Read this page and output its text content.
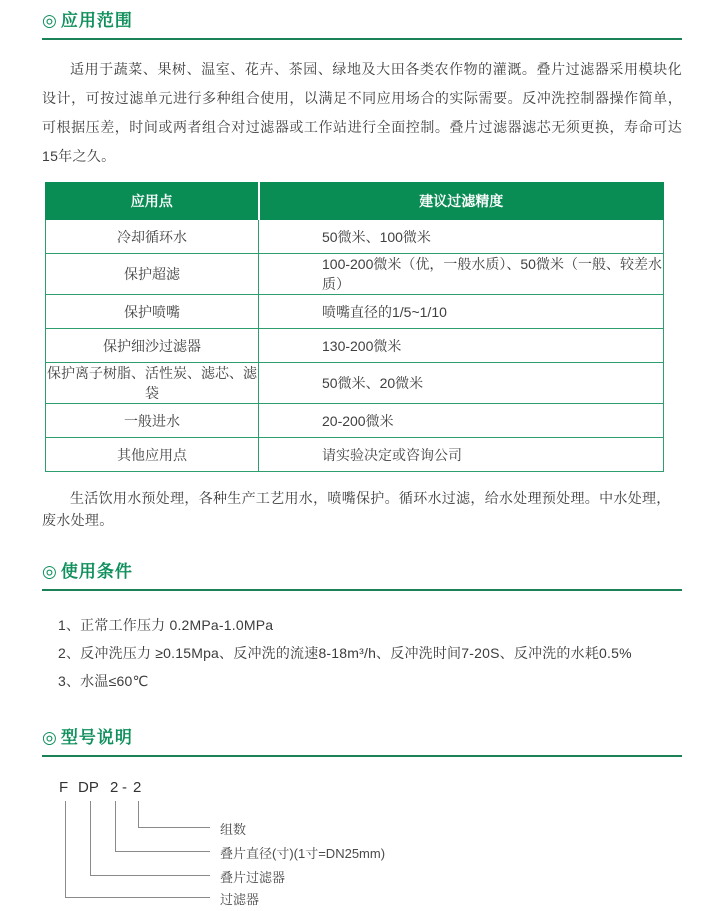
◎ 应用范围

适用于蔬菜、果树、温室、花卉、茶园、绿地及大田各类农作物的灌溉。叠片过滤器采用模块化设计，可按过滤单元进行多种组合使用，以满足不同应用场合的实际需要。反冲洗控制器操作简单，可根据压差，时间或两者组合对过滤器或工作站进行全面控制。叠片过滤器滤芯无须更换，寿命可达15年之久。

应用点	建议过滤精度
冷却循环水	50微米、100微米
保护超滤	100-200微米（优，一般水质）、50微米（一般、较差水质）
保护喷嘴	喷嘴直径的1/5~1/10
保护细沙过滤器	130-200微米
保护离子树脂、活性炭、滤芯、滤袋	50微米、20微米
一般进水	20-200微米
其他应用点	请实验决定或咨询公司

生活饮用水预处理，各种生产工艺用水，喷嘴保护。循环水过滤，给水处理预处理。中水处理，废水处理。

◎ 使用条件
1、正常工作压力 0.2MPa-1.0MPa
2、反冲洗压力 ≥0.15Mpa、反冲洗的流速8-18m³/h、反冲洗时间7-20S、反冲洗的水耗0.5%
3、水温≤60℃
◎ 型号说明
F DP 2 - 2
组数
叠片直径(寸)(1寸=DN25mm)
叠片过滤器
过滤器
